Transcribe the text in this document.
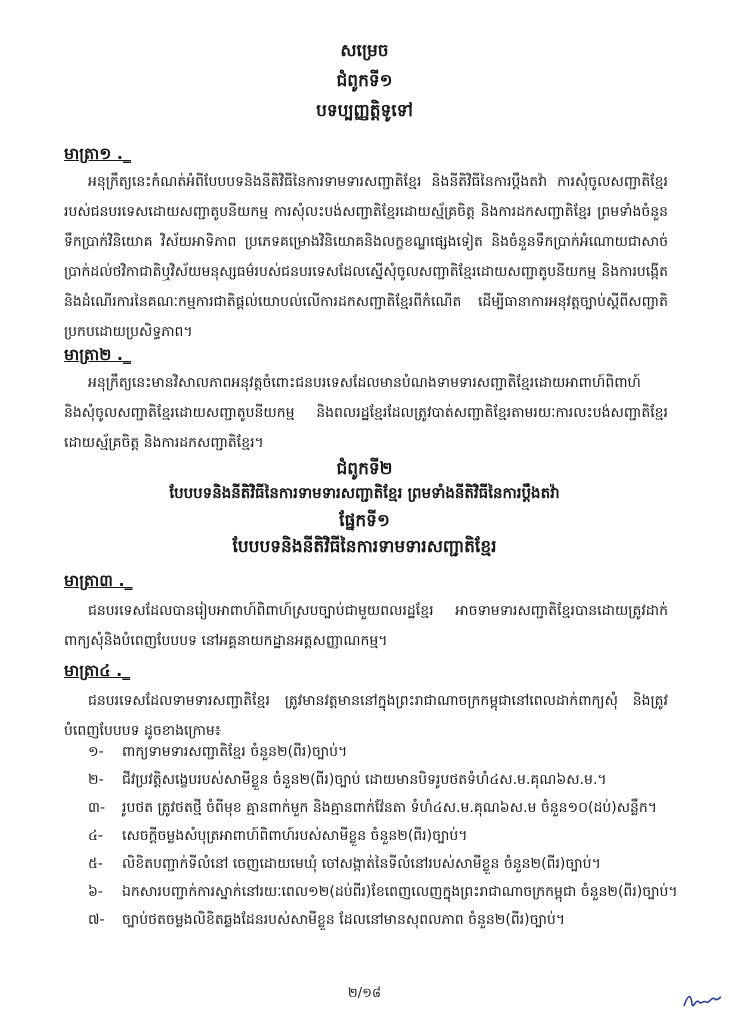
សម្រេច
ជំពូកទី១
បទប្បញ្ញត្តិទូទៅ
មាត្រា១ ._
អនុក្រឹត្យនេះកំណត់អំពីបែបបទនិងនីតិវិធីនៃការទាមទារសញ្ជាតិខ្មែរ និងនីតិវិធីនៃការប្ដឹងតវ៉ា ការសុំចូលសញ្ជាតិខ្មែររបស់ជនបរទេសដោយសញ្ជាតូបនីយកម្ម ការសុំលះបង់សញ្ជាតិខ្មែរដោយស្ម័គ្រចិត្ត និងការដកសញ្ជាតិខ្មែរ ព្រមទាំងចំនួនទឹកប្រាក់វិនិយោគ វិស័យអាទិភាព ប្រភេទគម្រោងវិនិយោគនិងលក្ខខណ្ឌផ្សេងទៀត និងចំនួនទឹកប្រាក់អំណោយជាសាច់ប្រាក់ដល់ថវិកាជាតិឬវិស័យមនុស្សធម៌របស់ជនបរទេសដែលស្នើសុំចូលសញ្ជាតិខ្មែរដោយសញ្ជាតូបនីយកម្ម និងការបង្កើតនិងដំណើរការនៃគណៈកម្មការជាតិផ្ដល់យោបល់លើការដកសញ្ជាតិខ្មែរពីកំណើត ដើម្បីធានាការអនុវត្តច្បាប់ស្ដីពីសញ្ជាតិ ប្រកបដោយប្រសិទ្ធភាព។
មាត្រា២ ._
អនុក្រឹត្យនេះមានវិសាលភាពអនុវត្តចំពោះជនបរទេសដែលមានបំណងទាមទារសញ្ជាតិខ្មែរដោយអាពាហ៍ពិពាហ៍ និងសុំចូលសញ្ជាតិខ្មែរដោយសញ្ជាតូបនីយកម្ម និងពលរដ្ឋខ្មែរដែលត្រូវបាត់សញ្ជាតិខ្មែរតាមរយៈការលះបង់សញ្ជាតិខ្មែរដោយស្ម័គ្រចិត្ត និងការដកសញ្ជាតិខ្មែរ។
ជំពូកទី២
បែបបទនិងនីតិវិធីនៃការទាមទារសញ្ជាតិខ្មែរ ព្រមទាំងនីតិវិធីនៃការប្ដឹងតវ៉ា
ផ្នែកទី១
បែបបទនិងនីតិវិធីនៃការទាមទារសញ្ជាតិខ្មែរ
មាត្រា៣ ._
ជនបរទេសដែលបានរៀបអាពាហ៍ពិពាហ៍ស្របច្បាប់ជាមួយពលរដ្ឋខ្មែរ អាចទាមទារសញ្ជាតិខ្មែរបានដោយត្រូវដាក់ពាក្យសុំនិងបំពេញបែបបទ នៅអគ្គនាយកដ្ឋានអត្តសញ្ញាណកម្ម។
មាត្រា៤ ._
ជនបរទេសដែលទាមទារសញ្ជាតិខ្មែរ ត្រូវមានវត្តមាននៅក្នុងព្រះរាជាណាចក្រកម្ពុជានៅពេលដាក់ពាក្យសុំ និងត្រូវបំពេញបែបបទ ដូចខាងក្រោម៖
១-	ពាក្យទាមទារសញ្ជាតិខ្មែរ ចំនួន២(ពីរ)ច្បាប់។
២-	ជីវប្រវត្តិសង្ខេបរបស់សាមីខ្លួន ចំនួន២(ពីរ)ច្បាប់ ដោយមានបិទរូបថតទំហំ៤ស.ម.គុណ៦ស.ម.។
៣-	រូបថត ត្រូវថតថ្មី ចំពីមុខ គ្មានពាក់មួក និងគ្មានពាក់វ៉ែនតា ទំហំ៤ស.ម.គុណ៦ស.ម ចំនួន១០(ដប់)សន្លឹក។
៤-	សេចក្ដីចម្លងសំបុត្រអាពាហ៍ពិពាហ៍របស់សាមីខ្លួន ចំនួន២(ពីរ)ច្បាប់។
៥-	លិខិតបញ្ជាក់ទីលំនៅ ចេញដោយមេឃុំ ចៅសង្កាត់នៃទីលំនៅរបស់សាមីខ្លួន ចំនួន២(ពីរ)ច្បាប់។
៦-	ឯកសារបញ្ជាក់ការស្នាក់នៅរយៈពេល១២(ដប់ពីរ)ខែពេញលេញក្នុងព្រះរាជាណាចក្រកម្ពុជា ចំនួន២(ពីរ)ច្បាប់។
៧-	ច្បាប់ថតចម្លងលិខិតឆ្លងដែនរបស់សាមីខ្លួន ដែលនៅមានសុពលភាព ចំនួន២(ពីរ)ច្បាប់។
២/១៨
